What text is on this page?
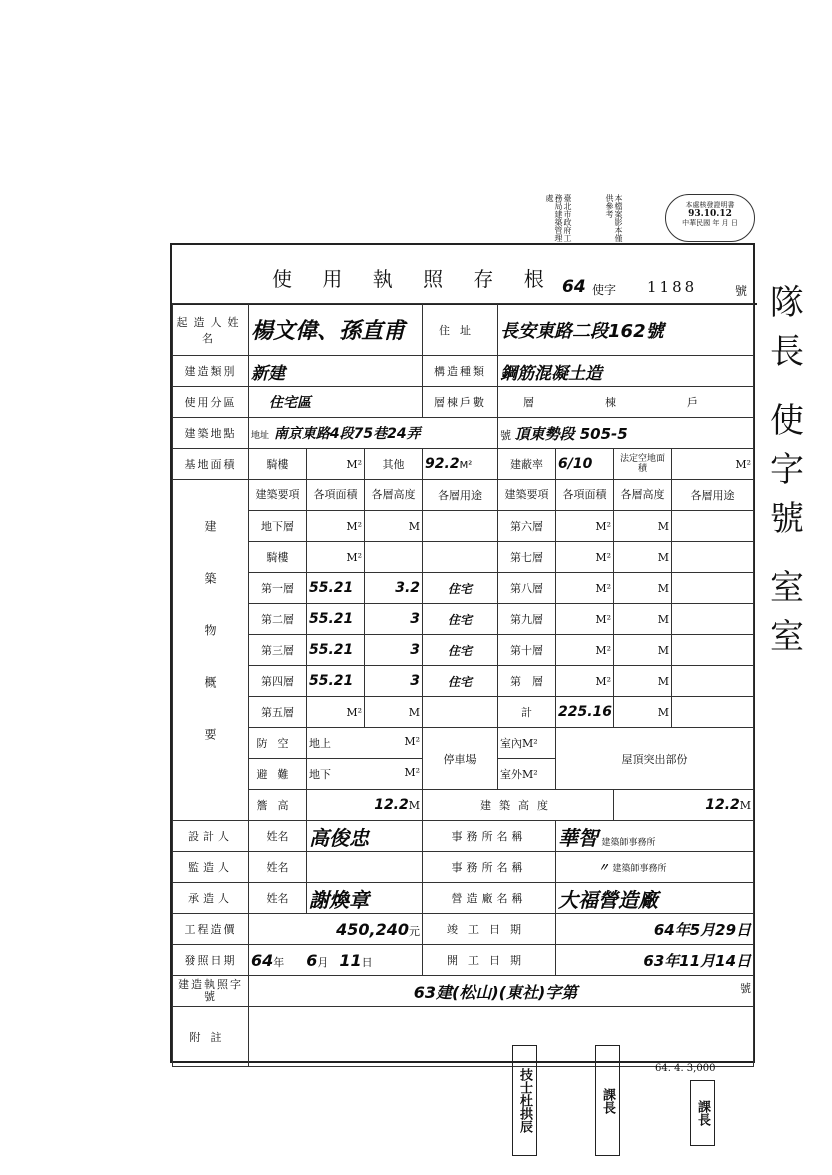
臺北市政府工務局建築管理處	本檔案影本僅供參考	本處核發證明書
93.10.12
中華民國 年 月 日
使 用 執 照 存 根 64 使字 1188	號
起造人姓名	楊文偉、孫直甫			住址	長安東路二段162號				
建造類別	新建			構造種類	鋼筋混凝土造				
使用分區	住宅區			層棟戶數	層　棟　戶				
建築地點	地址 南京東路4段75巷24弄				號 頂東勢段 505-5				
基地面積	騎樓	M²	其他	92.2M²	建蔽率	6/10	法定空地面積	M²	
建築物概要	建築要項	各項面積	各層高度	各層用途	建築要項	各項面積	各層高度	各層用途	
	地下層	M²	M		第六層	M²	M		
	騎樓	M²			第七層	M²	M		
	第一層	55.21	3.2	住宅	第八層	M²	M		
	第二層	55.21	3	住宅	第九層	M²	M		
	第三層	55.21	3	住宅	第十層	M²	M		
	第四層	55.21	3	住宅	第　層	M²	M		
	第五層	M²	M		計	225.16	M		
	防空	地上 M²		停車場	室內M²	屋頂突出部份	
	避難	地下 M²			室外M²				
	簷高	12.2M		建築高度			12.2M		
設計人	姓名	高俊忠		事務所名稱		華智 建築師事務所			
監造人	姓名			事務所名稱		〃 建築師事務所			
承造人	姓名	謝煥章		營造廠名稱		大福營造廠			
工程造價	450,240元			竣工日期		64年5月29日			
發照日期	64年　　 6月　 11日			開工日期		63年11月14日			
建造執照字號	63建(松山)(東社)字第 號								

附註									
64. 4. 3,000
技士杜拱辰	課長	課長
隊
長
使
字
號
室
室
